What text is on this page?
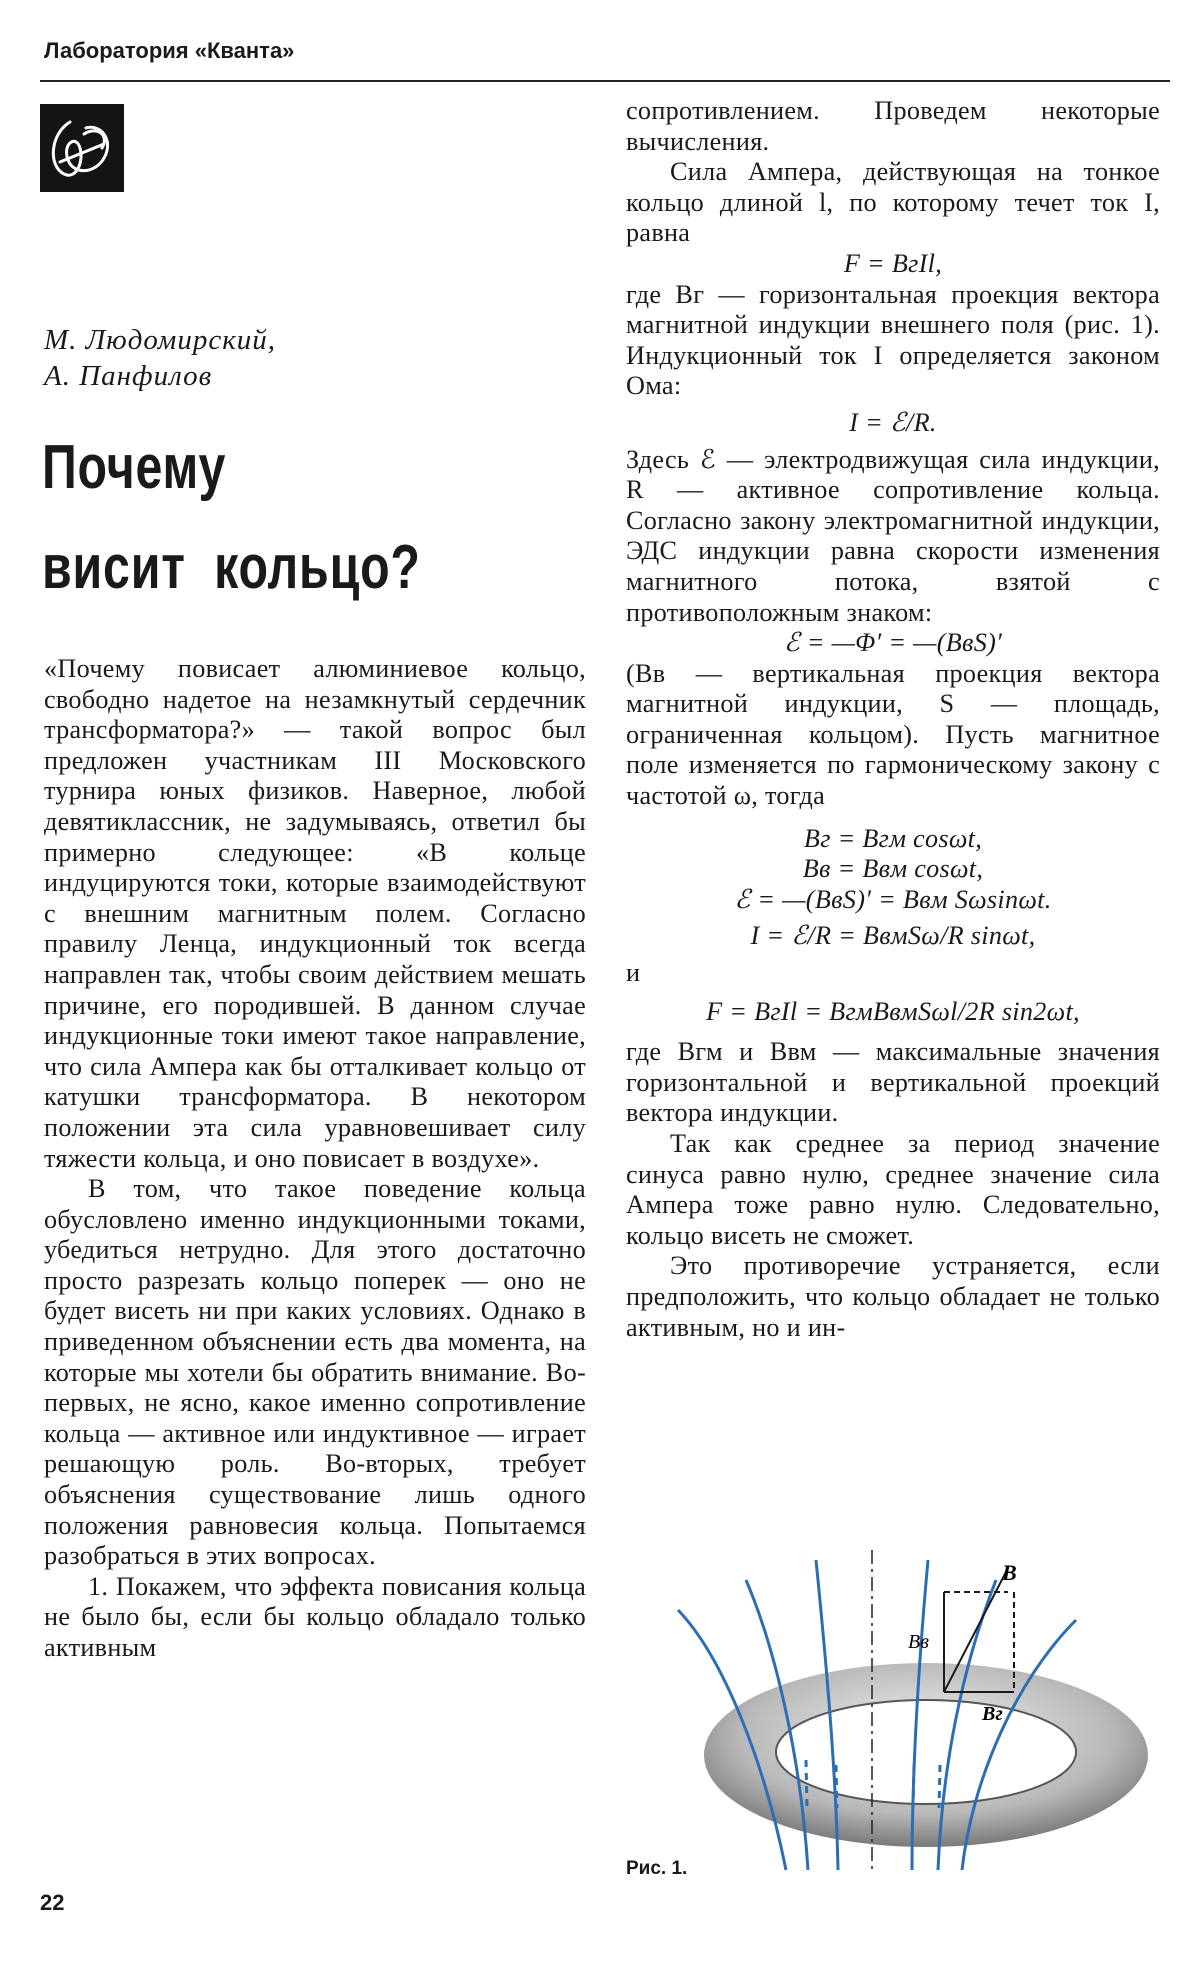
Лаборатория «Кванта»
М. Людомирский,
А. Панфилов
Почему
висит  кольцо?

«Почему повисает алюминиевое кольцо, свободно надетое на незамкнутый сердечник трансформатора?» — такой вопрос был предложен участникам III Московского турнира юных физиков. Наверное, любой девятиклассник, не задумываясь, ответил бы примерно следующее: «В кольце индуцируются токи, которые взаимодействуют с внешним магнитным полем. Согласно правилу Ленца, индукционный ток всегда направлен так, чтобы своим действием мешать причине, его породившей. В данном случае индукционные токи имеют такое направление, что сила Ампера как бы отталкивает кольцо от катушки трансформатора. В некотором положении эта сила уравновешивает силу тяжести кольца, и оно повисает в воздухе».

В том, что такое поведение кольца обусловлено именно индукционными токами, убедиться нетрудно. Для этого достаточно просто разрезать кольцо поперек — оно не будет висеть ни при каких условиях. Однако в приведенном объяснении есть два момента, на которые мы хотели бы обратить внимание. Во-первых, не ясно, какое именно сопротивление кольца — активное или индуктивное — играет решающую роль. Во-вторых, требует объяснения существование лишь одного положения равновесия кольца. Попытаемся разобраться в этих вопросах.

1. Покажем, что эффекта повисания кольца не было бы, если бы кольцо обладало только активным

сопротивлением. Проведем некоторые вычисления.

Сила Ампера, действующая на тонкое кольцо длиной l, по которому течет ток I, равна

F = BгIl,

где Bг — горизонтальная проекция вектора магнитной индукции внешнего поля (рис. 1). Индукционный ток I определяется законом Ома:

I = ℰ/R.

Здесь ℰ — электродвижущая сила индукции, R — активное сопротивление кольца. Согласно закону электромагнитной индукции, ЭДС индукции равна скорости изменения магнитного потока, взятой с противоположным знаком:

ℰ = —Φ′ = —(BвS)′

(Bв — вертикальная проекция вектора магнитной индукции, S — площадь, ограниченная кольцом). Пусть магнитное поле изменяется по гармоническому закону с частотой ω, тогда

Bг = Bгм cosωt,

Bв = Bвм cosωt,

ℰ = —(BвS)′ = Bвм Sωsinωt.

I = ℰ/R = BвмSω/R sinωt,

и

F = BгIl = BгмBвмSωl/2R sin2ωt,

где Bгм и Bвм — максимальные значения горизонтальной и вертикальной проекций вектора индукции.

Так как среднее за период значение синуса равно нулю, среднее значение сила Ампера тоже равно нулю. Следовательно, кольцо висеть не сможет.

Это противоречие устраняется, если предположить, что кольцо обладает не только активным, но и ин-

B
Bв
Bг
Рис. 1.
22
